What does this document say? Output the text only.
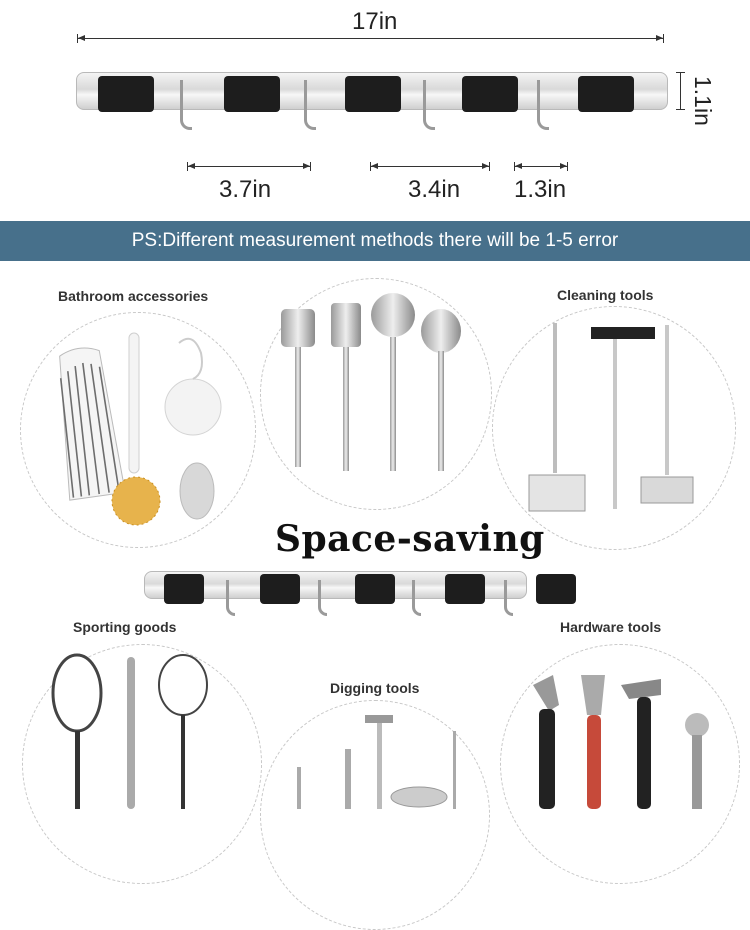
17in
1.1in
3.7in	3.4in 1.3in
PS:Different measurement methods there will be 1-5 error
Bathroom accessories	Cleaning tools
Space-saving
Sporting goods
Digging tools
Hardware tools
